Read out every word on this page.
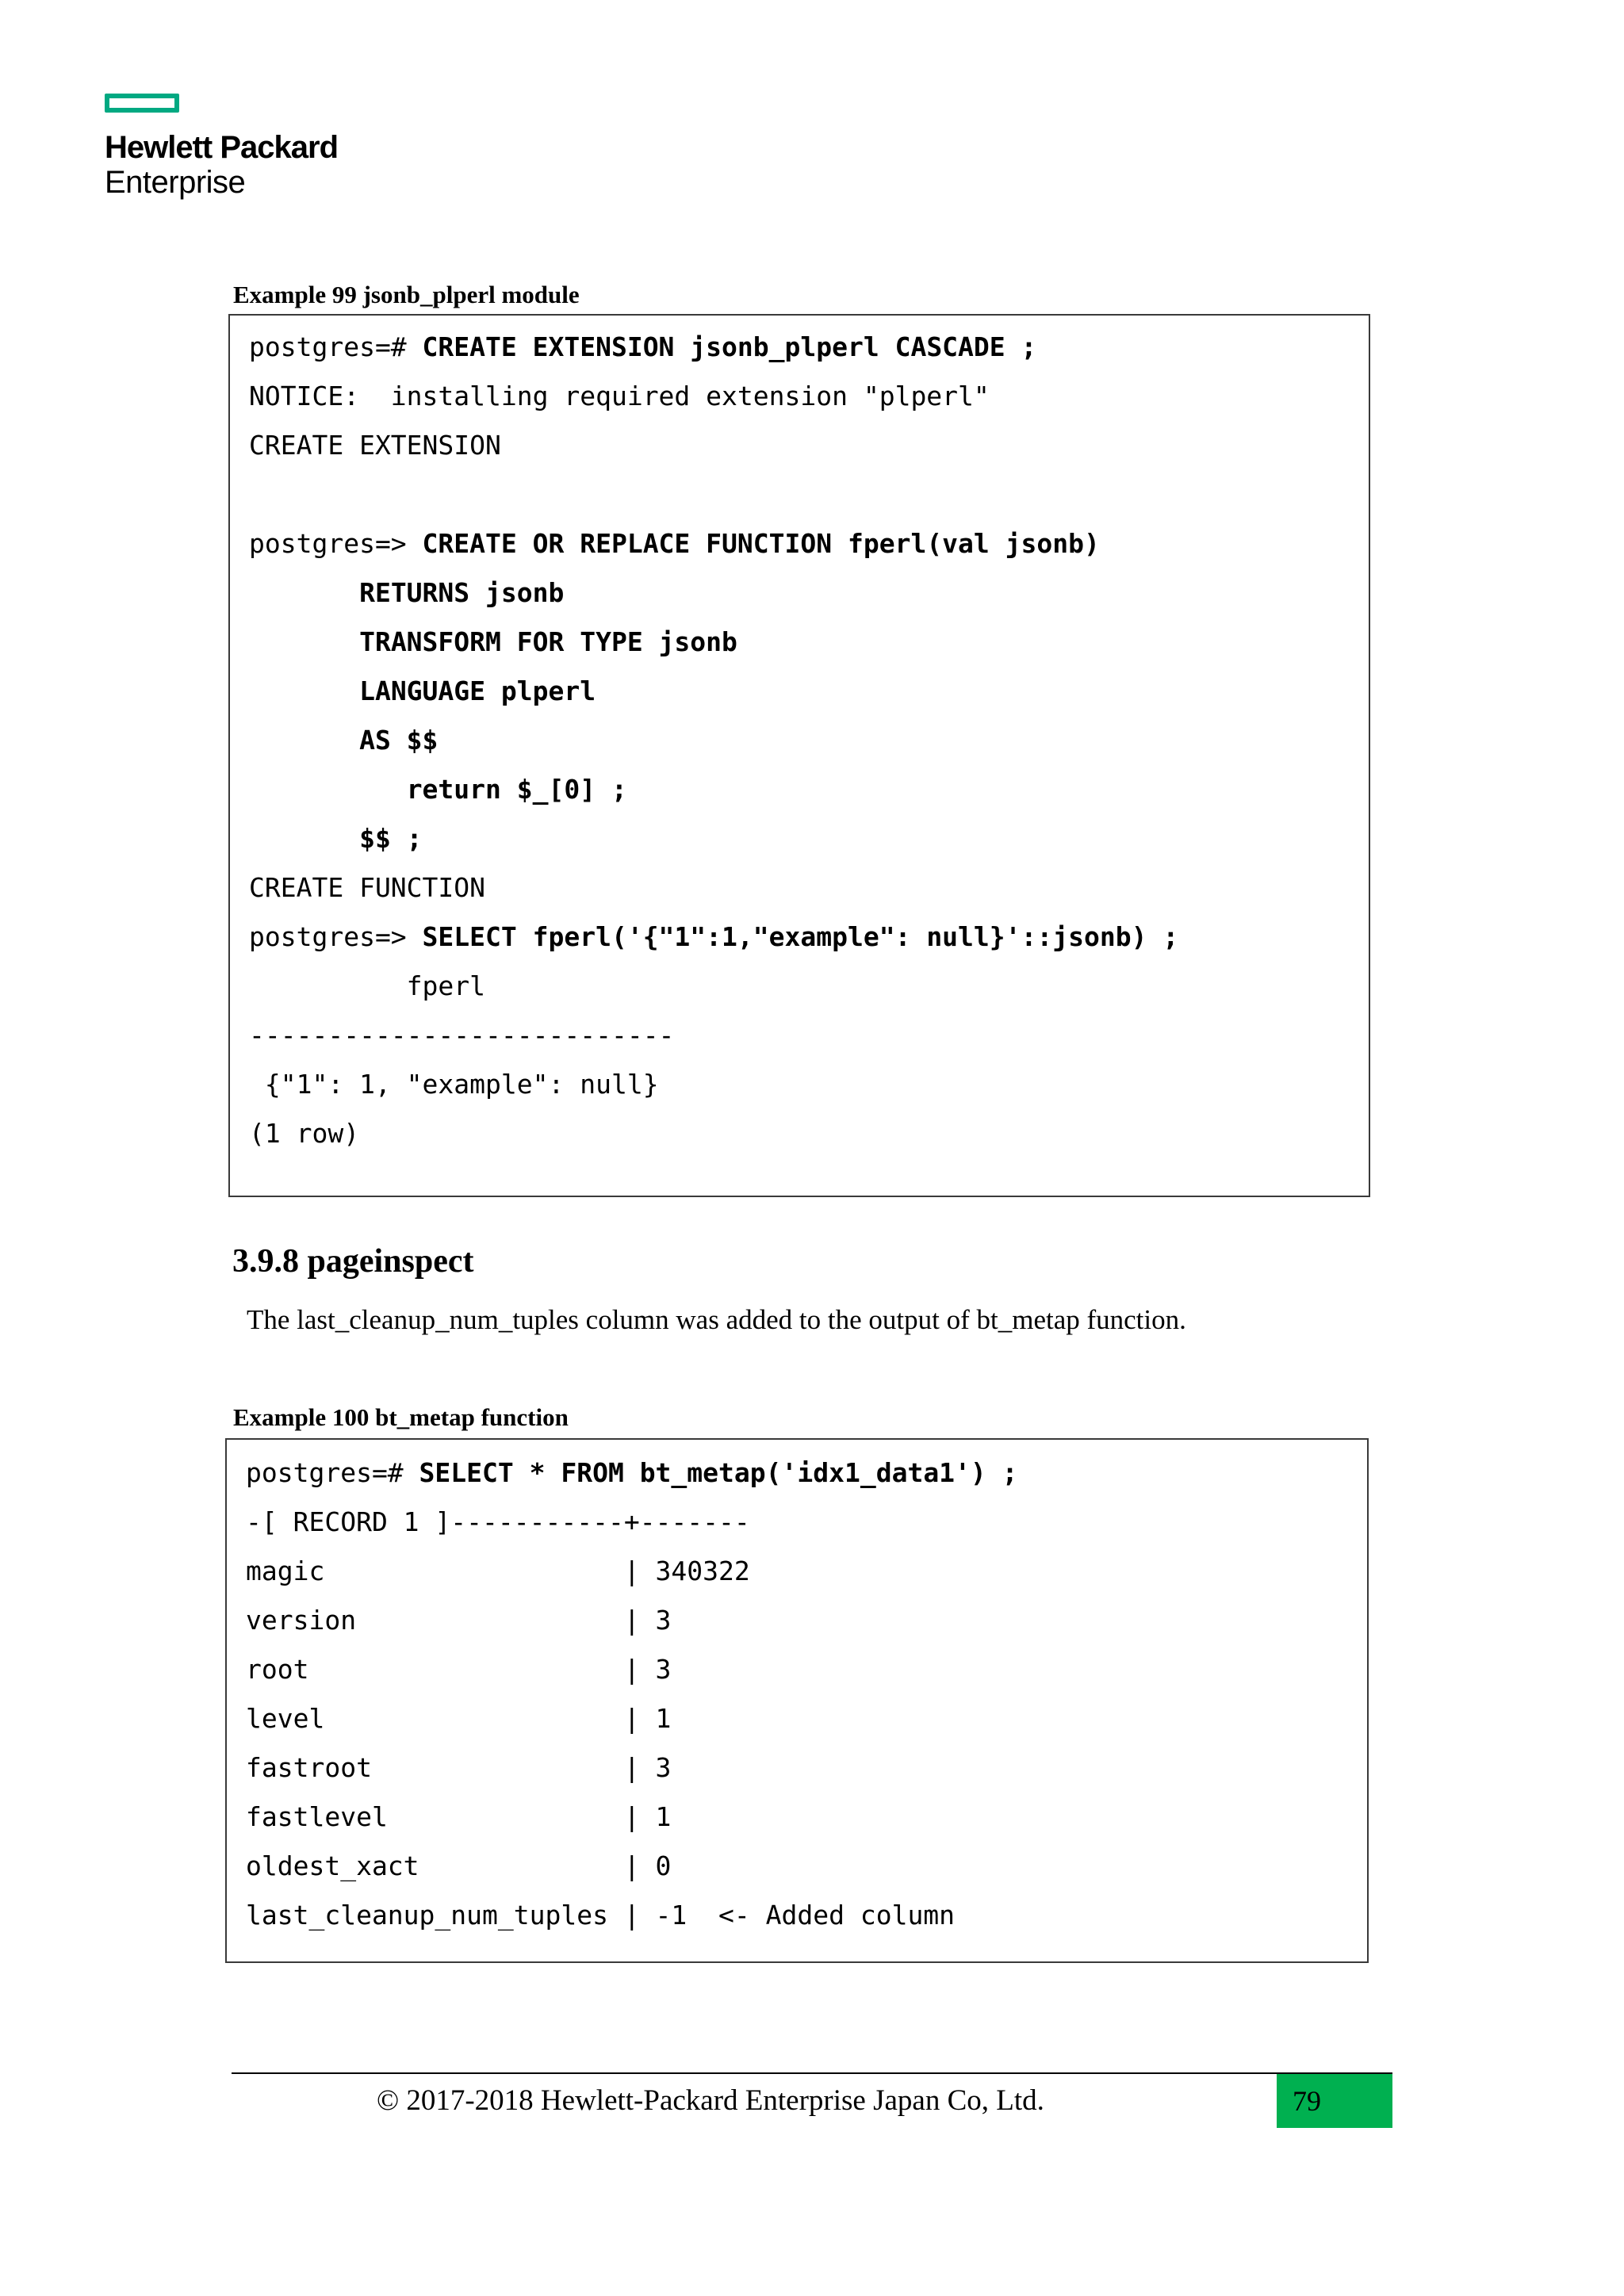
Hewlett Packard
Enterprise
Example 99 jsonb_plperl module
postgres=# CREATE EXTENSION jsonb_plperl CASCADE ;
NOTICE:  installing required extension "plperl"
CREATE EXTENSION
postgres=> CREATE OR REPLACE FUNCTION fperl(val jsonb)
RETURNS jsonb
TRANSFORM FOR TYPE jsonb
LANGUAGE plperl
AS $$
return $_[0] ;
$$ ;
CREATE FUNCTION
postgres=> SELECT fperl('{"1":1,"example": null}'::jsonb) ;
fperl
---------------------------
{"1": 1, "example": null}
(1 row)
3.9.8 pageinspect
The last_cleanup_num_tuples column was added to the output of bt_metap function.
Example 100 bt_metap function
postgres=# SELECT * FROM bt_metap('idx1_data1') ;
-[ RECORD 1 ]-----------+-------
magic                   | 340322
version                 | 3
root                    | 3
level                   | 1
fastroot                | 3
fastlevel               | 1
oldest_xact             | 0
last_cleanup_num_tuples | -1  <- Added column
© 2017-2018 Hewlett-Packard Enterprise Japan Co, Ltd.	79
